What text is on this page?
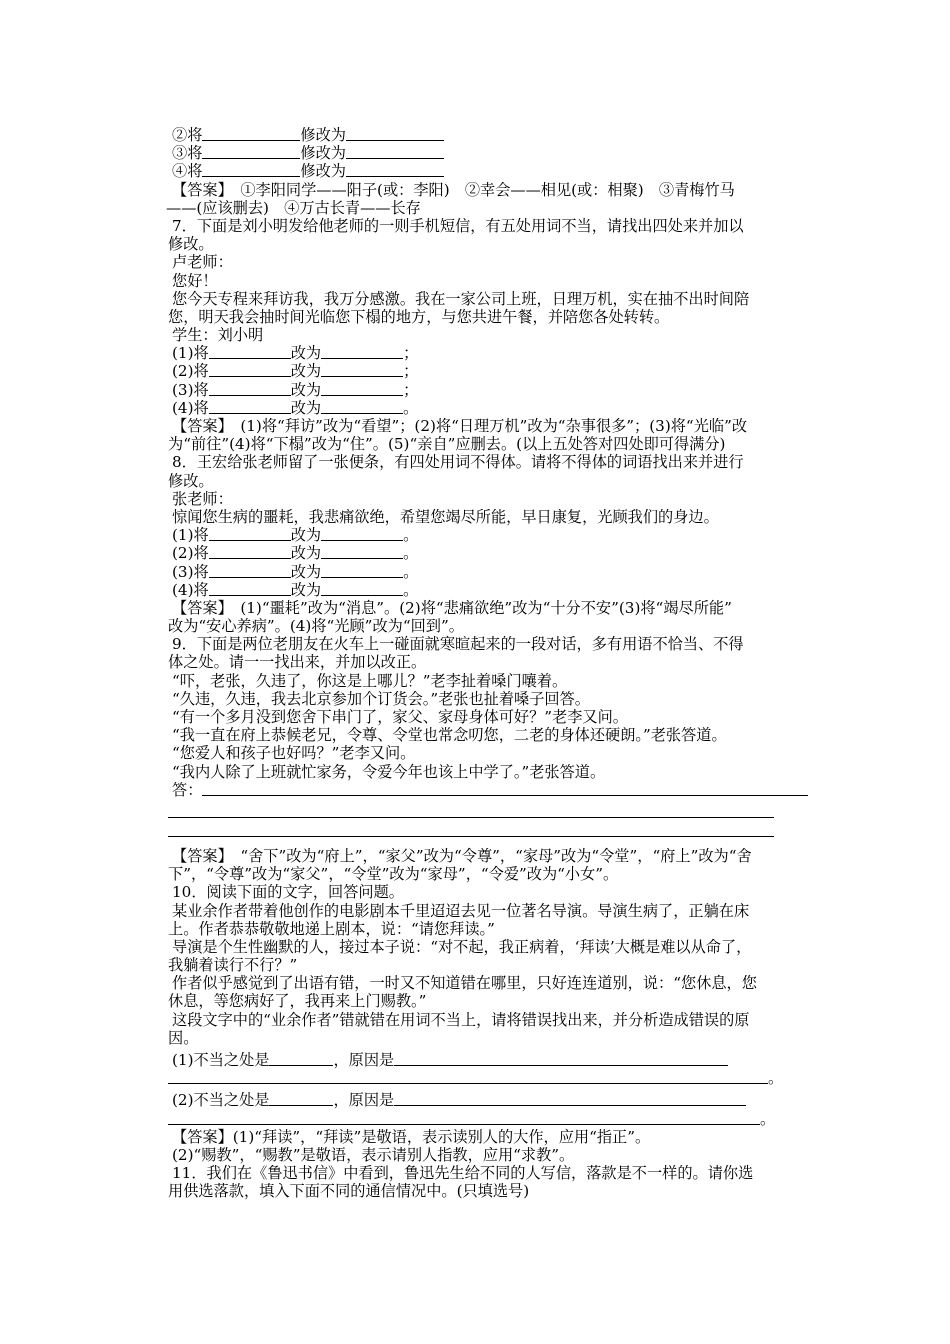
②将	修改为
③将	修改为
④将	修改为
【答案】　①李阳同学——阳子(或：李阳)　②幸会——相见(或：相聚)　③青梅竹马
——(应该删去)　④万古长青——长存
7．下面是刘小明发给他老师的一则手机短信，有五处用词不当，请找出四处来并加以
修改。
卢老师：
您好！
您今天专程来拜访我，我万分感激。我在一家公司上班，日理万机，实在抽不出时间陪
您，明天我会抽时间光临您下榻的地方，与您共进午餐，并陪您各处转转。
学生：刘小明
(1)将	改为	；
(2)将	改为	；
(3)将	改为	；
(4)将	改为	。
【答案】　(1)将“拜访”改为“看望”；(2)将“日理万机”改为“杂事很多”；(3)将“光临”改
为“前往”(4)将“下榻”改为“住”。(5)“亲自”应删去。(以上五处答对四处即可得满分)
8．王宏给张老师留了一张便条，有四处用词不得体。请将不得体的词语找出来并进行
修改。
张老师：
惊闻您生病的噩耗，我悲痛欲绝，希望您竭尽所能，早日康复，光顾我们的身边。
(1)将	改为	。
(2)将	改为	。
(3)将	改为	。
(4)将	改为	。
【答案】　(1)“噩耗”改为“消息”。(2)将“悲痛欲绝”改为“十分不安”(3)将“竭尽所能”
改为“安心养病”。(4)将“光顾”改为“回到”。
9．下面是两位老朋友在火车上一碰面就寒暄起来的一段对话，多有用语不恰当、不得
体之处。请一一找出来，并加以改正。
“吓，老张，久违了，你这是上哪儿？”老李扯着嗓门嚷着。
“久违，久违，我去北京参加个订货会。”老张也扯着嗓子回答。
“有一个多月没到您舍下串门了，家父、家母身体可好？”老李又问。
“我一直在府上恭候老兄，令尊、令堂也常念叨您，二老的身体还硬朗。”老张答道。
“您爱人和孩子也好吗？”老李又问。
“我内人除了上班就忙家务，令爱今年也该上中学了。”老张答道。
答：
【答案】　“舍下”改为“府上”，“家父”改为“令尊”，“家母”改为“令堂”，“府上”改为“舍
下”，“令尊”改为“家父”，“令堂”改为“家母”，“令爱”改为“小女”。
10．阅读下面的文字，回答问题。
某业余作者带着他创作的电影剧本千里迢迢去见一位著名导演。导演生病了，正躺在床
上。作者恭恭敬敬地递上剧本，说：“请您拜读。”
导演是个生性幽默的人，接过本子说：“对不起，我正病着，‘拜读’大概是难以从命了，
我躺着读行不行？”
作者似乎感觉到了出语有错，一时又不知道错在哪里，只好连连道别，说：“您休息，您
休息，等您病好了，我再来上门赐教。”
这段文字中的“业余作者”错就错在用词不当上，请将错误找出来，并分析造成错误的原
因。
(1)不当之处是	，原因是
。
(2)不当之处是	，原因是
。
【答案】(1)“拜读”，“拜读”是敬语，表示读别人的大作，应用“指正”。
(2)“赐教”，“赐教”是敬语，表示请别人指教，应用“求教”。
11．我们在《鲁迅书信》中看到，鲁迅先生给不同的人写信，落款是不一样的。请你选
用供选落款，填入下面不同的通信情况中。(只填选号)
